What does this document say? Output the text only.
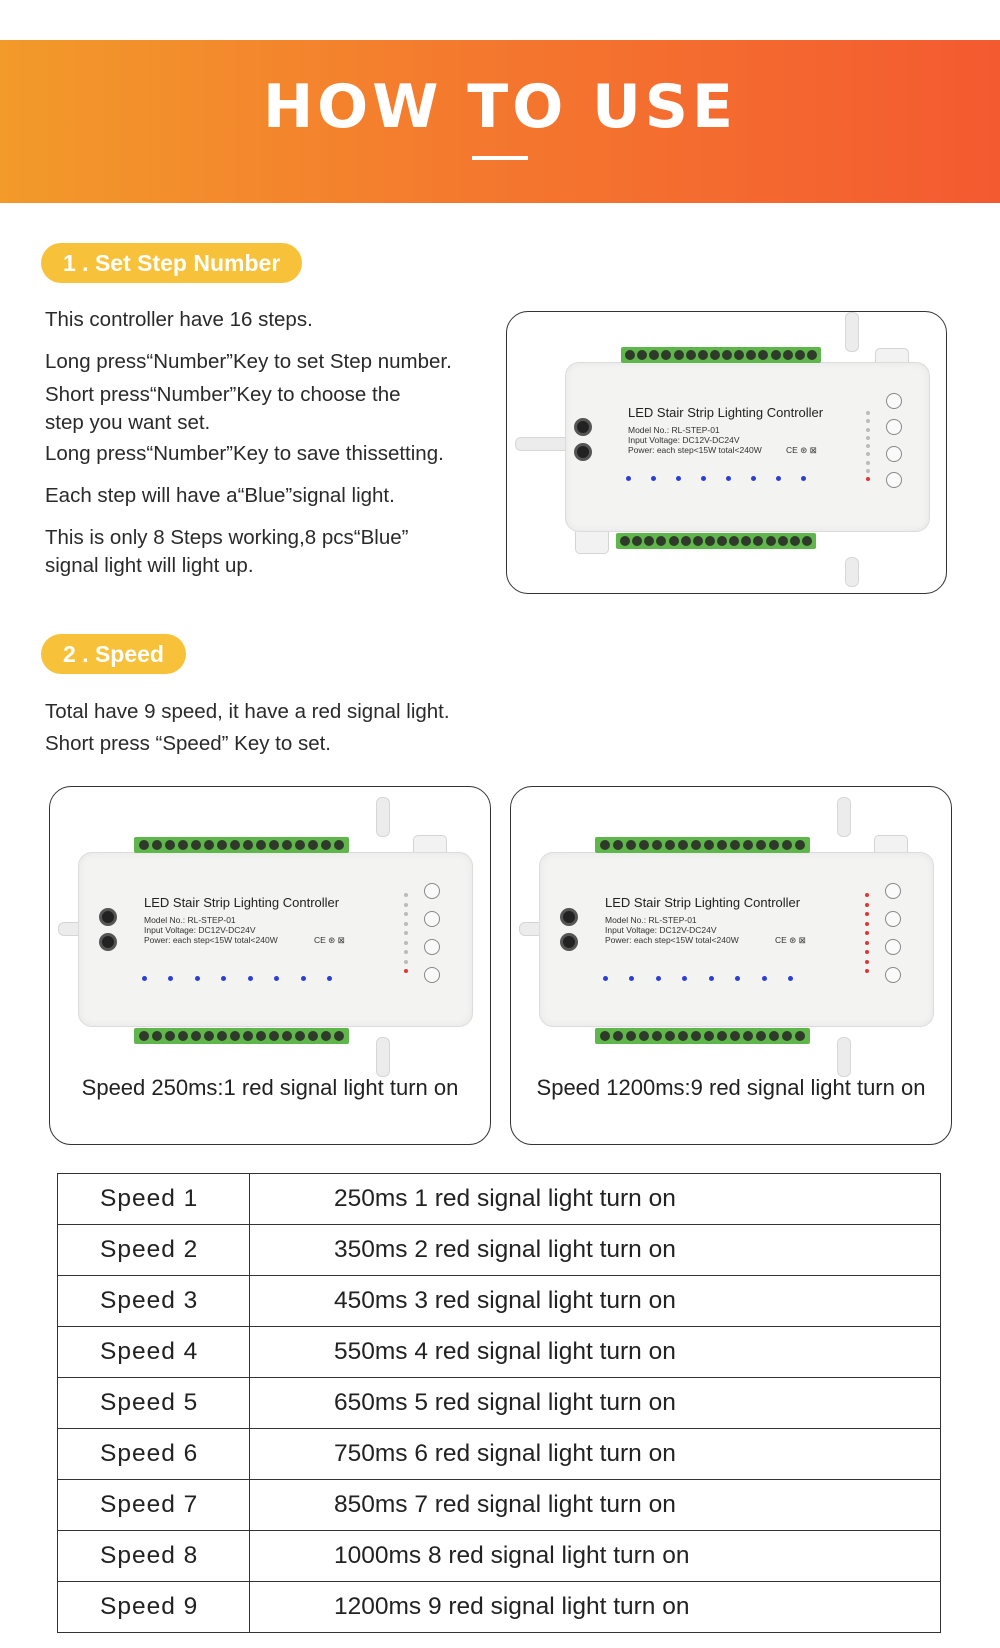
HOW TO USE
1 . Set Step Number
This controller have 16 steps.
Long press“Number”Key to set Step number.
Short press“Number”Key to choose the
step you want set.
Long press“Number”Key to save thissetting.
Each step will have a“Blue”signal light.
This is only 8 Steps working,8 pcs“Blue”
signal light will light up.
LED Stair Strip Lighting Controller
Model No.: RL-STEP-01
Input Voltage: DC12V-DC24V
Power: each step<15W total<240W	CE ⊛ ⊠
2 . Speed
Total have 9 speed, it have a red signal light.
Short press “Speed” Key to set.
LED Stair Strip Lighting Controller
Model No.: RL-STEP-01
Input Voltage: DC12V-DC24V
Power: each step<15W total<240W	CE ⊛ ⊠
Speed 250ms:1 red signal light turn on
LED Stair Strip Lighting Controller
Model No.: RL-STEP-01
Input Voltage: DC12V-DC24V
Power: each step<15W total<240W	CE ⊛ ⊠
Speed 1200ms:9 red signal light turn on
Speed 1	250ms 1 red signal light turn on
Speed 2	350ms 2 red signal light turn on
Speed 3	450ms 3 red signal light turn on
Speed 4	550ms 4 red signal light turn on
Speed 5	650ms 5 red signal light turn on
Speed 6	750ms 6 red signal light turn on
Speed 7	850ms 7 red signal light turn on
Speed 8	1000ms 8 red signal light turn on
Speed 9	1200ms 9 red signal light turn on
